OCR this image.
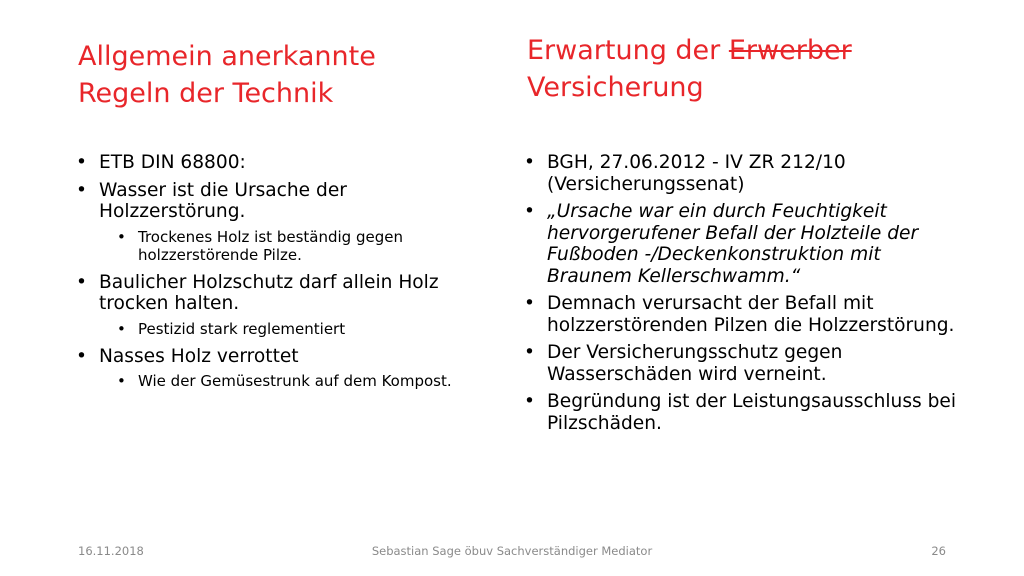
Allgemein anerkannte
Regeln der Technik
Erwartung der Erwerber
Versicherung
• ETB DIN 68800:
• Wasser ist die Ursache der Holzzerstörung.
• Trockenes Holz ist beständig gegen holzzerstörende Pilze.
• Baulicher Holzschutz darf allein Holz trocken halten.
• Pestizid stark reglementiert
• Nasses Holz verrottet
• Wie der Gemüsestrunk auf dem Kompost.
• BGH, 27.06.2012 - IV ZR 212/10 (Versicherungssenat)
• „Ursache war ein durch Feuchtigkeit hervorgerufener Befall der Holzteile der Fußboden -/Deckenkonstruktion mit Braunem Kellerschwamm.“
• Demnach verursacht der Befall mit holzzerstörenden Pilzen die Holzzerstörung.
• Der Versicherungsschutz gegen Wasserschäden wird verneint.
• Begründung ist der Leistungsausschluss bei Pilzschäden.
16.11.2018	Sebastian Sage öbuv Sachverständiger Mediator	26
